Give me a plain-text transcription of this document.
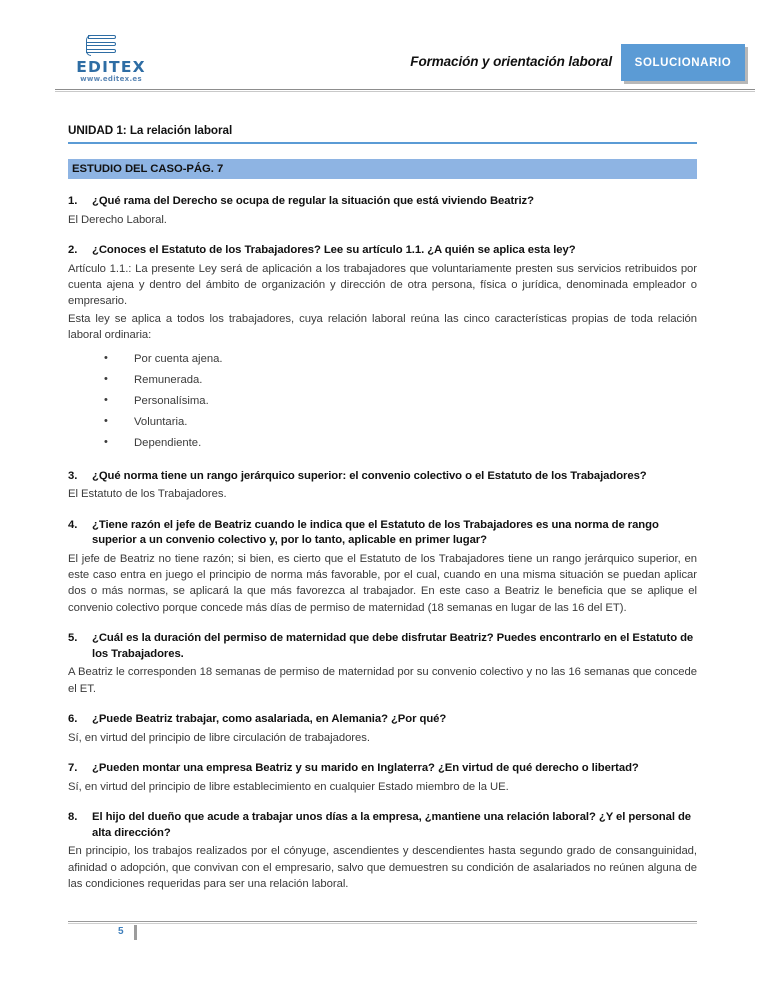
EDITEX
www.editex.es
Formación y orientación laboral	SOLUCIONARIO
UNIDAD 1: La relación laboral
ESTUDIO DEL CASO-PÁG. 7
1.	¿Qué rama del Derecho se ocupa de regular la situación que está viviendo Beatriz?
El Derecho Laboral.
2.	¿Conoces el Estatuto de los Trabajadores? Lee su artículo 1.1. ¿A quién se aplica esta ley?
Artículo 1.1.: La presente Ley será de aplicación a los trabajadores que voluntariamente presten sus servicios retribuidos por cuenta ajena y dentro del ámbito de organización y dirección de otra persona, física o jurídica, denominada empleador o empresario.
Esta ley se aplica a todos los trabajadores, cuya relación laboral reúna las cinco características propias de toda relación laboral ordinaria:
• Por cuenta ajena.
• Remunerada.
• Personalísima.
• Voluntaria.
• Dependiente.
3.	¿Qué norma tiene un rango jerárquico superior: el convenio colectivo o el Estatuto de los Trabajadores?
El Estatuto de los Trabajadores.
4.	¿Tiene razón el jefe de Beatriz cuando le indica que el Estatuto de los Trabajadores es una norma de rango superior a un convenio colectivo y, por lo tanto, aplicable en primer lugar?
El jefe de Beatriz no tiene razón; si bien, es cierto que el Estatuto de los Trabajadores tiene un rango jerárquico superior, en este caso entra en juego el principio de norma más favorable, por el cual, cuando en una misma situación se puedan aplicar dos o más normas, se aplicará la que más favorezca al trabajador. En este caso a Beatriz le beneficia que se aplique el convenio colectivo porque concede más días de permiso de maternidad (18 semanas en lugar de las 16 del ET).
5.	¿Cuál es la duración del permiso de maternidad que debe disfrutar Beatriz? Puedes encontrarlo en el Estatuto de los Trabajadores.
A Beatriz le corresponden 18 semanas de permiso de maternidad por su convenio colectivo y no las 16 semanas que concede el ET.
6.	¿Puede Beatriz trabajar, como asalariada, en Alemania? ¿Por qué?
Sí, en virtud del principio de libre circulación de trabajadores.
7.	¿Pueden montar una empresa Beatriz y su marido en Inglaterra? ¿En virtud de qué derecho o libertad?
Sí, en virtud del principio de libre establecimiento en cualquier Estado miembro de la UE.
8.	El hijo del dueño que acude a trabajar unos días a la empresa, ¿mantiene una relación laboral? ¿Y el personal de alta dirección?
En principio, los trabajos realizados por el cónyuge, ascendientes y descendientes hasta segundo grado de consanguinidad, afinidad o adopción, que convivan con el empresario, salvo que demuestren su condición de asalariados no reúnen alguna de las condiciones requeridas para ser una relación laboral.
5
